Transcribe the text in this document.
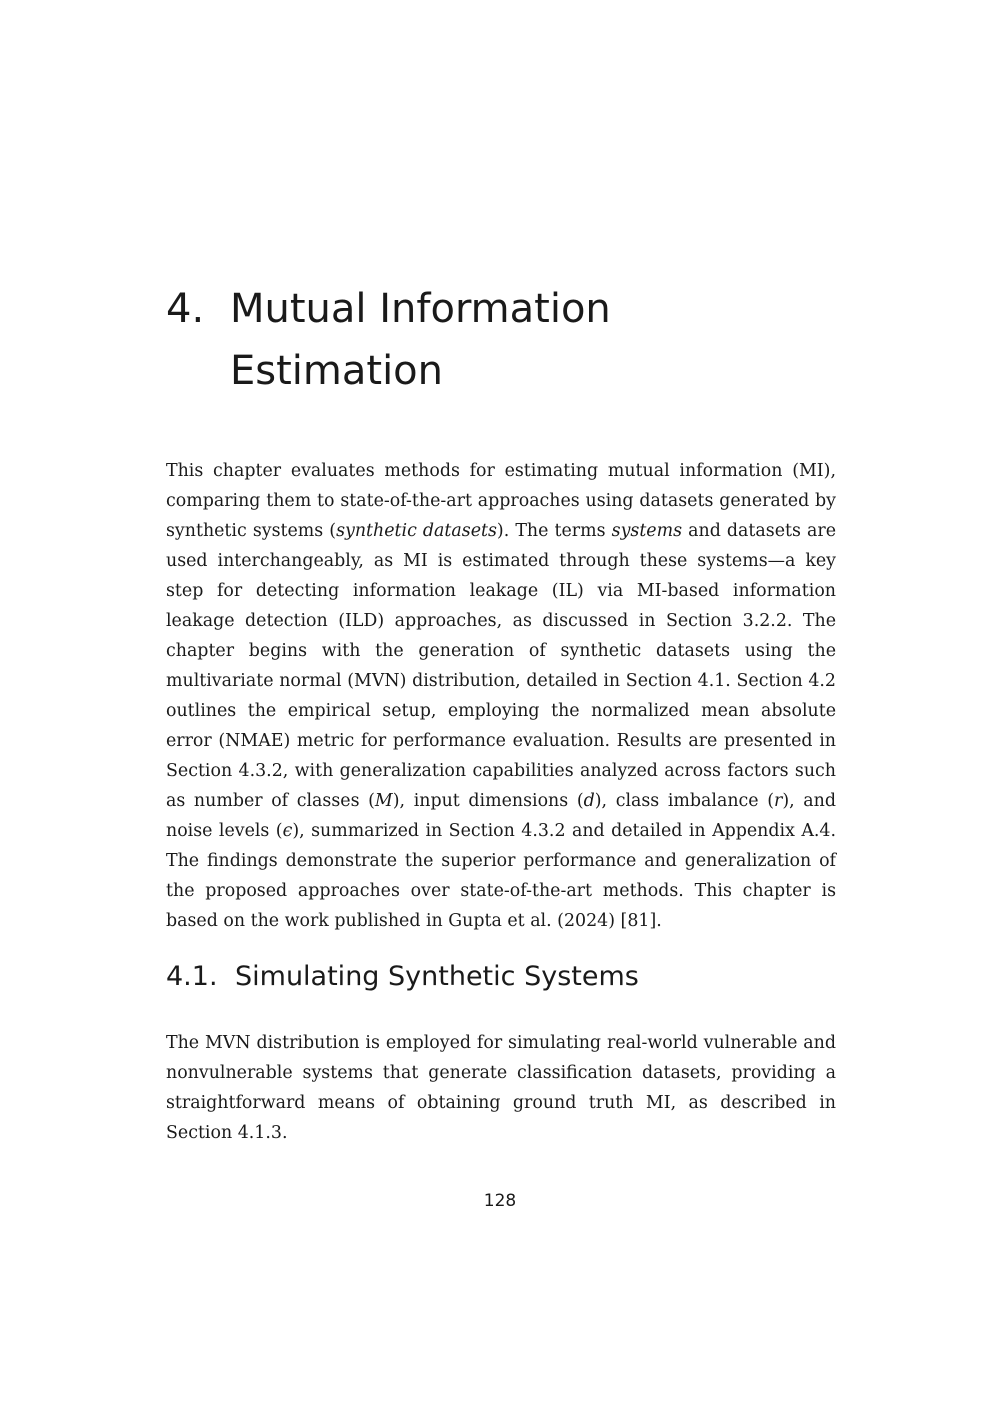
4. Mutual Information Estimation

This chapter evaluates methods for estimating mutual information (MI), comparing them to state-of-the-art approaches using datasets generated by synthetic systems (synthetic datasets). The terms systems and datasets are used interchangeably, as MI is estimated through these systems—a key step for detecting information leakage (IL) via MI-based information leakage detection (ILD) approaches, as discussed in Section 3.2.2. The chapter begins with the generation of synthetic datasets using the multivariate normal (MVN) distribution, detailed in Section 4.1. Section 4.2 outlines the empirical setup, employing the normalized mean absolute error (NMAE) metric for performance evaluation. Results are presented in Section 4.3.2, with generalization capabilities analyzed across factors such as number of classes (M), input dimensions (d), class imbalance (r), and noise levels (ϵ), summarized in Section 4.3.2 and detailed in Appendix A.4. The findings demonstrate the superior performance and generalization of the proposed approaches over state-of-the-art methods. This chapter is based on the work published in Gupta et al. (2024) [81].

4.1. Simulating Synthetic Systems

The MVN distribution is employed for simulating real-world vulnerable and nonvulnerable systems that generate classification datasets, providing a straightforward means of obtaining ground truth MI, as described in Section 4.1.3.

128
